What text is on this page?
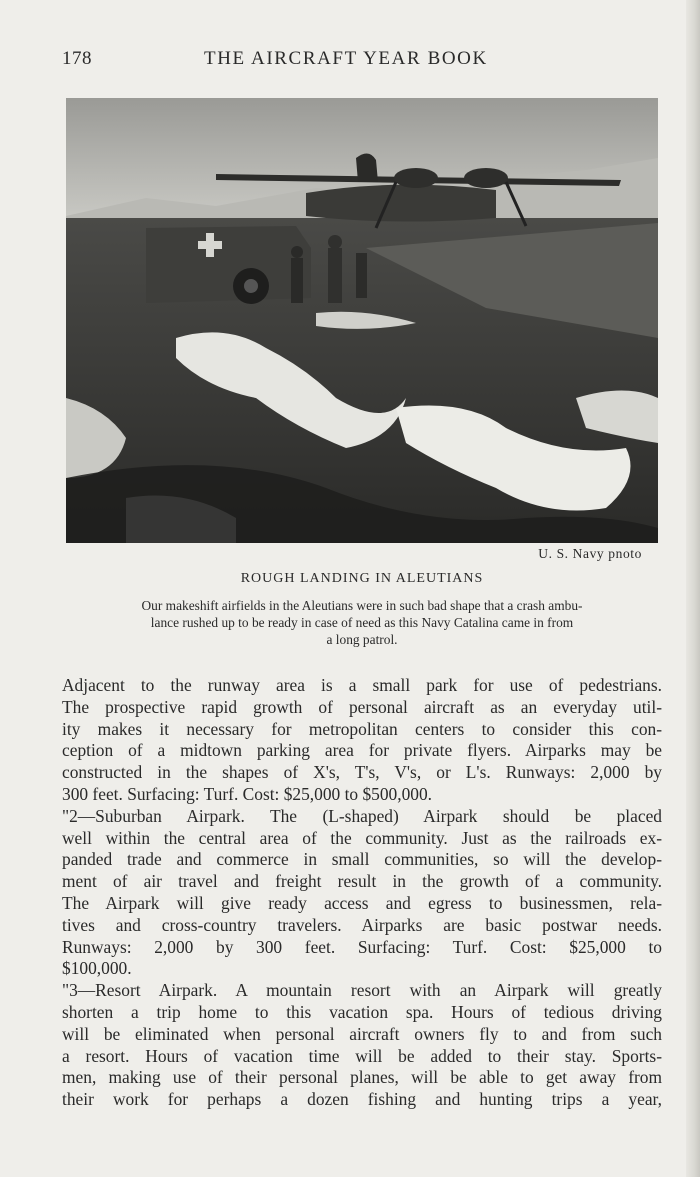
178	THE AIRCRAFT YEAR BOOK
U. S. Navy pnoto
ROUGH LANDING IN ALEUTIANS
Our makeshift airfields in the Aleutians were in such bad shape that a crash ambu-
lance rushed up to be ready in case of need as this Navy Catalina came in from
a long patrol.
Adjacent to the runway area is a small park for use of pedestrians.
The prospective rapid growth of personal aircraft as an everyday util-
ity makes it necessary for metropolitan centers to consider this con-
ception of a midtown parking area for private flyers. Airparks may be
constructed in the shapes of X's, T's, V's, or L's. Runways: 2,000 by
300 feet. Surfacing: Turf. Cost: $25,000 to $500,000.
"2—Suburban Airpark. The (L-shaped) Airpark should be placed
well within the central area of the community. Just as the railroads ex-
panded trade and commerce in small communities, so will the develop-
ment of air travel and freight result in the growth of a community.
The Airpark will give ready access and egress to businessmen, rela-
tives and cross-country travelers. Airparks are basic postwar needs.
Runways: 2,000 by 300 feet. Surfacing: Turf. Cost: $25,000 to
$100,000.
"3—Resort Airpark. A mountain resort with an Airpark will greatly
shorten a trip home to this vacation spa. Hours of tedious driving
will be eliminated when personal aircraft owners fly to and from such
a resort. Hours of vacation time will be added to their stay. Sports-
men, making use of their personal planes, will be able to get away from
their work for perhaps a dozen fishing and hunting trips a year,
